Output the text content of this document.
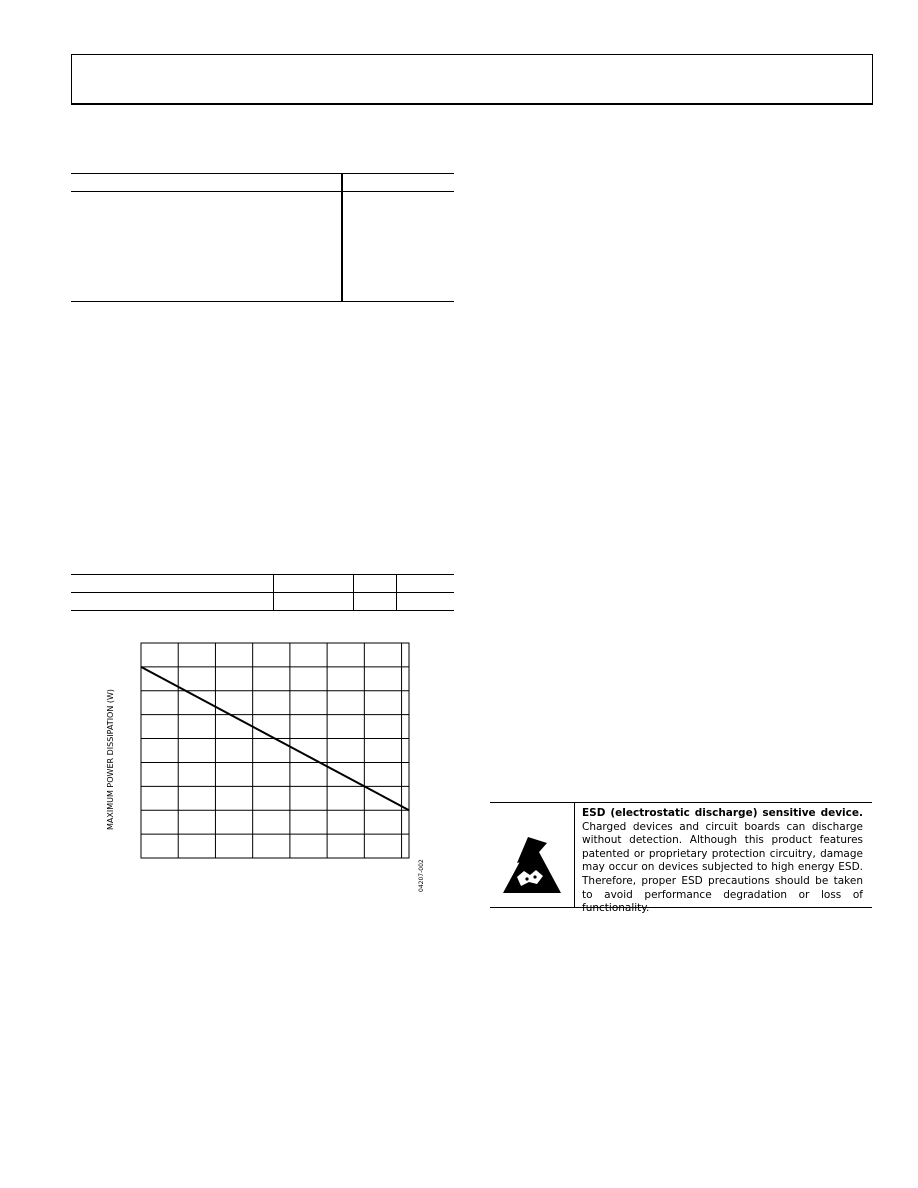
MAXIMUM POWER DISSIPATION (W)
04207-002
ESD (electrostatic discharge) sensitive device. Charged devices and circuit boards can discharge without detection. Although this product features patented or proprietary protection circuitry, damage may occur on devices subjected to high energy ESD. Therefore, proper ESD precautions should be taken to avoid performance degradation or loss of functionality.
